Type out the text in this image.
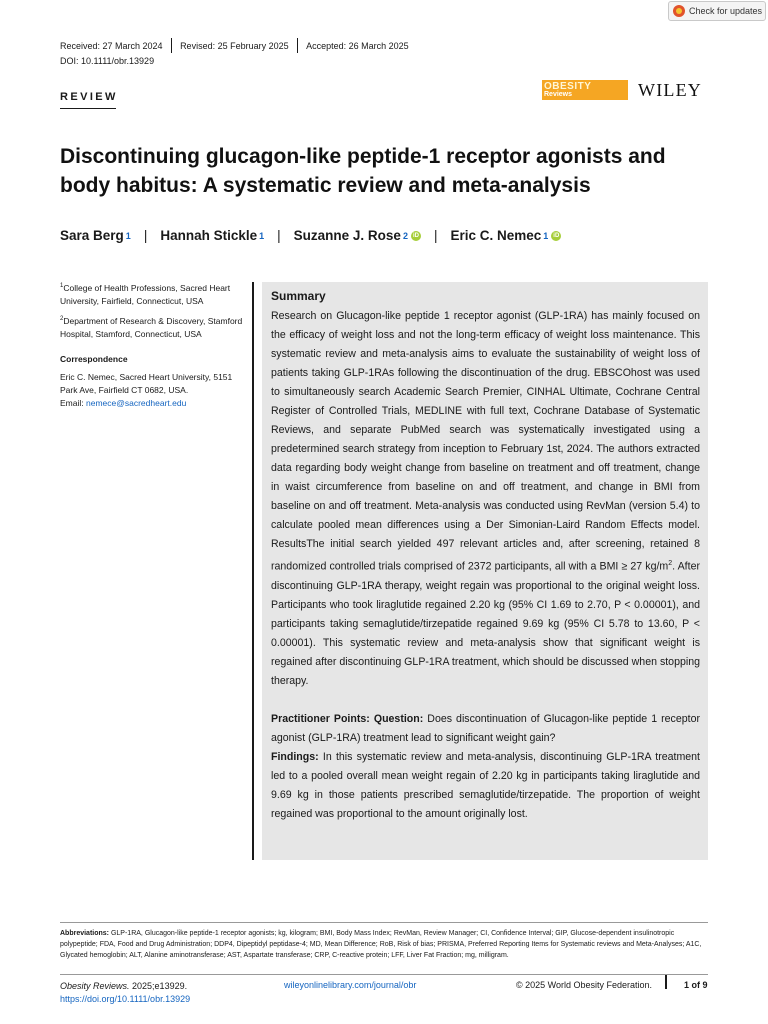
Check for updates
Received: 27 March 2024 Revised: 25 February 2025 Accepted: 26 March 2025
DOI: 10.1111/obr.13929
REVIEW
OBESITY
Reviews	WILEY
Discontinuing glucagon-like peptide-1 receptor agonists and body habitus: A systematic review and meta-analysis
Sara Berg 1 | Hannah Stickle 1 | Suzanne J. Rose 2 iD | Eric C. Nemec 1 iD

$^1$College of Health Professions, Sacred Heart University, Fairfield, Connecticut, USA

$^2$Department of Research & Discovery, Stamford Hospital, Stamford, Connecticut, USA

Correspondence

Eric C. Nemec, Sacred Heart University, 5151 Park Ave, Fairfield CT 0682, USA.
Email: nemece@sacredheart.edu

Summary

Research on Glucagon-like peptide 1 receptor agonist (GLP-1RA) has mainly focused on the efficacy of weight loss and not the long-term efficacy of weight loss maintenance. This systematic review and meta-analysis aims to evaluate the sustainability of weight loss of patients taking GLP-1RAs following the discontinuation of the drug. EBSCOhost was used to simultaneously search Academic Search Premier, CINHAL Ultimate, Cochrane Central Register of Controlled Trials, MEDLINE with full text, Cochrane Database of Systematic Reviews, and separate PubMed search was systematically investigated using a predetermined search strategy from inception to February 1st, 2024. The authors extracted data regarding body weight change from baseline on treatment and off treatment, change in waist circumference from baseline on and off treatment, and change in BMI from baseline on and off treatment. Meta-analysis was conducted using RevMan (version 5.4) to calculate pooled mean differences using a Der Simonian-Laird Random Effects model. ResultsThe initial search yielded 497 relevant articles and, after screening, retained 8 randomized controlled trials comprised of 2372 participants, all with a BMI ≥ 27 $kg/m^2$. After discontinuing GLP-1RA therapy, weight regain was proportional to the original weight loss. Participants who took liraglutide regained 2.20 kg (95% CI 1.69 to 2.70, P < 0.00001), and participants taking semaglutide/tirzepatide regained 9.69 kg (95% CI 5.78 to 13.60, P < 0.00001). This systematic review and meta-analysis show that significant weight is regained after discontinuing GLP-1RA treatment, which should be discussed when stopping therapy.

Practitioner Points: Question: Does discontinuation of Glucagon-like peptide 1 receptor agonist (GLP-1RA) treatment lead to significant weight gain?
Findings: In this systematic review and meta-analysis, discontinuing GLP-1RA treatment led to a pooled overall mean weight regain of 2.20 kg in participants taking liraglutide and 9.69 kg in those patients prescribed semaglutide/tirzepatide. The proportion of weight regained was proportional to the amount originally lost.

Abbreviations: GLP-1RA, Glucagon-like peptide-1 receptor agonists; kg, kilogram; BMI, Body Mass Index; RevMan, Review Manager; CI, Confidence Interval; GIP, Glucose-dependent insulinotropic polypeptide; FDA, Food and Drug Administration; DDP4, Dipeptidyl peptidase-4; MD, Mean Difference; RoB, Risk of bias; PRISMA, Preferred Reporting Items for Systematic reviews and Meta-Analyses; A1C, Glycated hemoglobin; ALT, Alanine aminotransferase; AST, Aspartate transferase; CRP, C-reactive protein; LFF, Liver Fat Fraction; mg, milligram.
Obesity Reviews. 2025;e13929.
https://doi.org/10.1111/obr.13929
wileyonlinelibrary.com/journal/obr	© 2025 World Obesity Federation.	1 of 9
